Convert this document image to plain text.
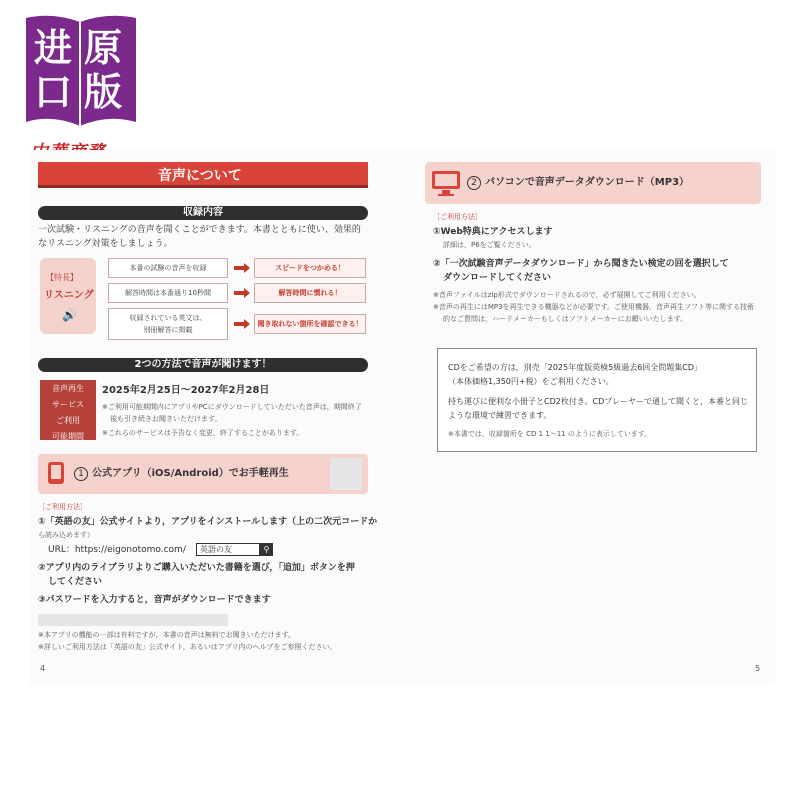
进 原
口 版
音声について
収録内容
一次試験・リスニングの音声を聞くことができます。本書とともに使い、効果的
なリスニング対策をしましょう。
【特長】
リスニング
🔊
本番の試験の音声を収録	スピードをつかめる！
解答時間は本番通り10秒間	解答時間に慣れる！
収録されている英文は、
別冊解答に掲載
聞き取れない箇所を確認できる！
2つの方法で音声が聞けます！
音声再生
サービス
ご利用
可能期間
2025年2月25日〜2027年2月28日
※ご利用可能期間内にアプリやPCにダウンロードしていただいた音声は，期間終了
後も引き続きお聞きいただけます。
※これらのサービスは予告なく変更，終了することがあります。
1 公式アプリ（iOS/Android）でお手軽再生
［ご利用方法］
①「英語の友」公式サイトより，アプリをインストールします（上の二次元コードか
ら読み込めます）
URL：https://eigonotomo.com/	英語の友	⚲
②アプリ内のライブラリよりご購入いただいた書籍を選び，「追加」ボタンを押
してください
③パスワードを入力すると，音声がダウンロードできます
※本アプリの機能の一部は有料ですが，本書の音声は無料でお聞きいただけます。
※詳しいご利用方法は「英語の友」公式サイト，あるいはアプリ内のヘルプをご参照ください。
4
2 パソコンで音声データダウンロード（MP3）
［ご利用方法］
①Web特典にアクセスします
詳細は，P6をご覧ください。
②「一次試験音声データダウンロード」から聞きたい検定の回を選択して
ダウンロードしてください
※音声ファイルはzip形式でダウンロードされるので，必ず展開してご利用ください。
※音声の再生にはMP3を再生できる機器などが必要です。ご使用機器，音声再生ソフト等に関する技術
的なご質問は，ハードメーカーもしくはソフトメーカーにお願いいたします。
CDをご希望の方は，別売「2025年度版英検5級過去6回全問題集CD」
（本体価格1,350円+税）をご利用ください。
持ち運びに便利な小冊子とCD2枚付き。CDプレーヤーで通して聞くと，本番と同じ
ような環境で練習できます。
※本書では，収録箇所を CD 1 1〜11 のように表示しています。
5
